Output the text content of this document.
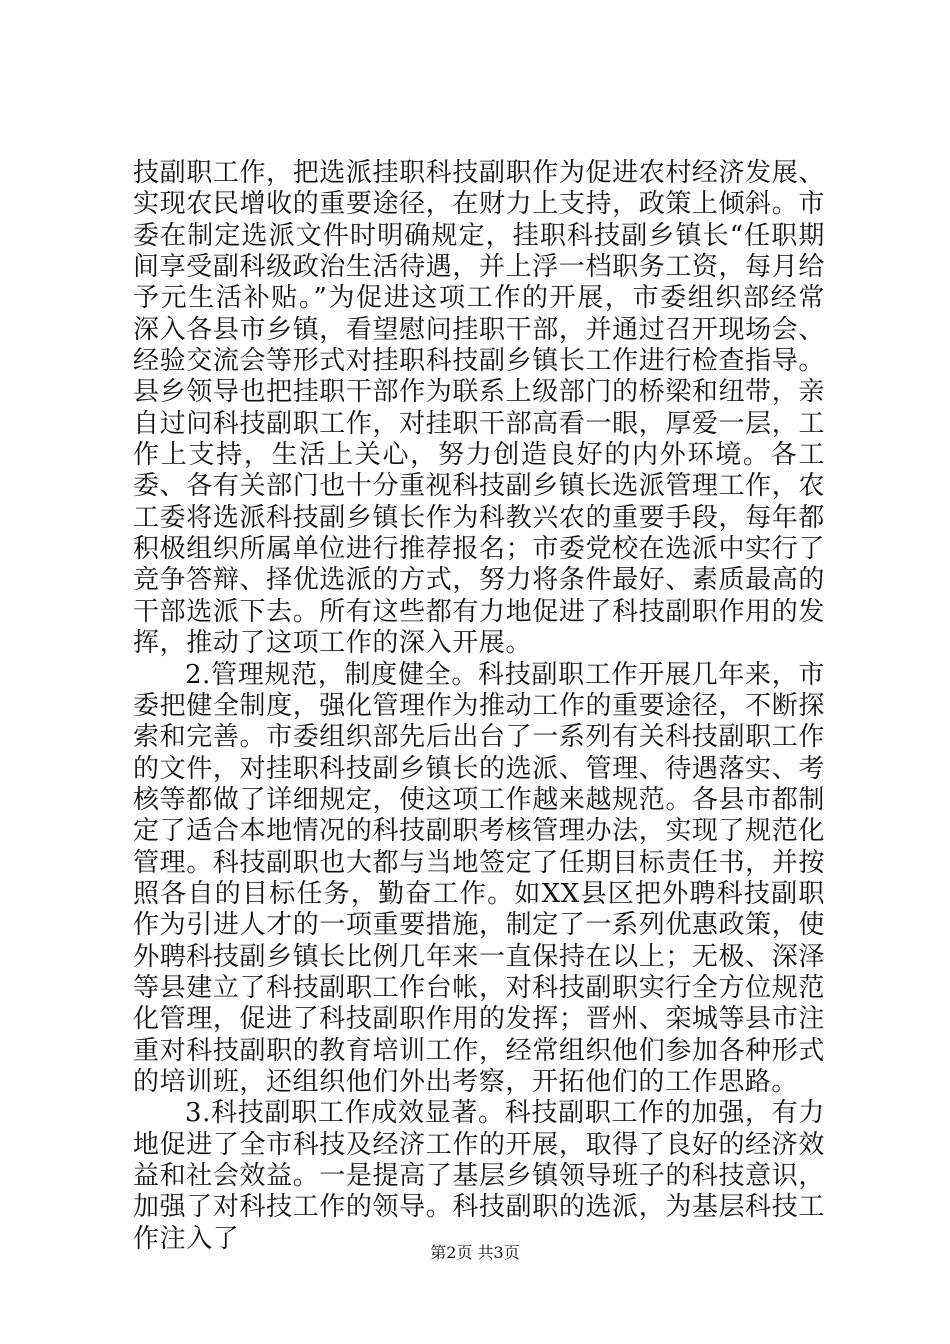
技副职工作，把选派挂职科技副职作为促进农村经济发展、实现农民增收的重要途径，在财力上支持，政策上倾斜。市委在制定选派文件时明确规定，挂职科技副乡镇长“任职期间享受副科级政治生活待遇，并上浮一档职务工资，每月给予元生活补贴。”为促进这项工作的开展，市委组织部经常深入各县市乡镇，看望慰问挂职干部，并通过召开现场会、经验交流会等形式对挂职科技副乡镇长工作进行检查指导。县乡领导也把挂职干部作为联系上级部门的桥梁和纽带，亲自过问科技副职工作，对挂职干部高看一眼，厚爱一层，工作上支持，生活上关心，努力创造良好的内外环境。各工委、各有关部门也十分重视科技副乡镇长选派管理工作，农工委将选派科技副乡镇长作为科教兴农的重要手段，每年都积极组织所属单位进行推荐报名；市委党校在选派中实行了竞争答辩、择优选派的方式，努力将条件最好、素质最高的干部选派下去。所有这些都有力地促进了科技副职作用的发挥，推动了这项工作的深入开展。

2.管理规范，制度健全。科技副职工作开展几年来，市委把健全制度，强化管理作为推动工作的重要途径，不断探索和完善。市委组织部先后出台了一系列有关科技副职工作的文件，对挂职科技副乡镇长的选派、管理、待遇落实、考核等都做了详细规定，使这项工作越来越规范。各县市都制定了适合本地情况的科技副职考核管理办法，实现了规范化管理。科技副职也大都与当地签定了任期目标责任书，并按照各自的目标任务，勤奋工作。如XX县区把外聘科技副职作为引进人才的一项重要措施，制定了一系列优惠政策，使外聘科技副乡镇长比例几年来一直保持在以上；无极、深泽等县建立了科技副职工作台帐，对科技副职实行全方位规范化管理，促进了科技副职作用的发挥；晋州、栾城等县市注重对科技副职的教育培训工作，经常组织他们参加各种形式的培训班，还组织他们外出考察，开拓他们的工作思路。

3.科技副职工作成效显著。科技副职工作的加强，有力地促进了全市科技及经济工作的开展，取得了良好的经济效益和社会效益。一是提高了基层乡镇领导班子的科技意识，加强了对科技工作的领导。科技副职的选派，为基层科技工作注入了	第2页 共3页
